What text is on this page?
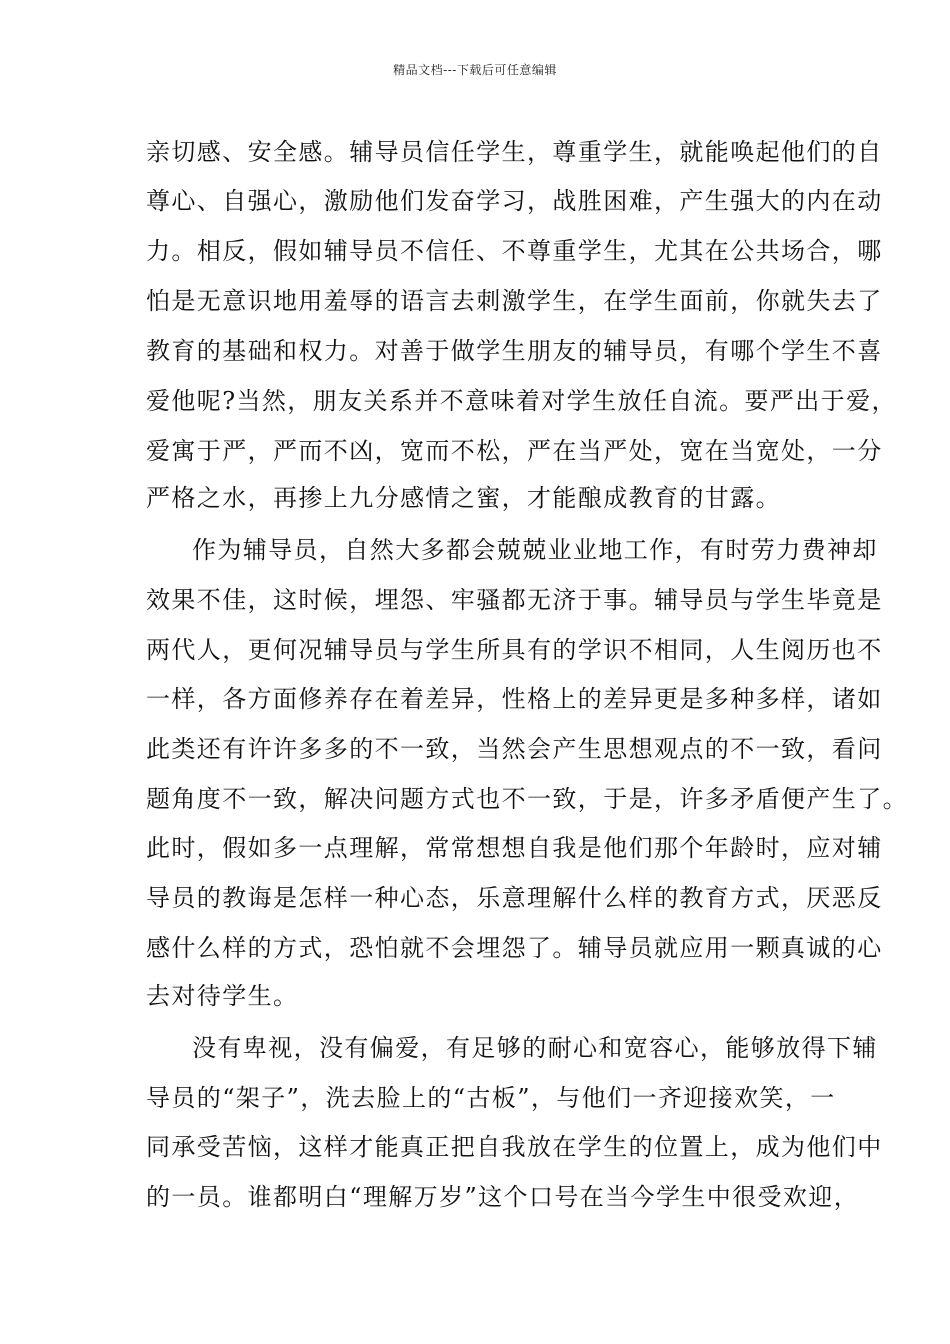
精品文档---下载后可任意编辑
亲切感、安全感。辅导员信任学生，尊重学生，就能唤起他们的自
尊心、自强心，激励他们发奋学习，战胜困难，产生强大的内在动
力。相反，假如辅导员不信任、不尊重学生，尤其在公共场合，哪
怕是无意识地用羞辱的语言去刺激学生，在学生面前，你就失去了
教育的基础和权力。对善于做学生朋友的辅导员，有哪个学生不喜
爱他呢?当然，朋友关系并不意味着对学生放任自流。要严出于爱，
爱寓于严，严而不凶，宽而不松，严在当严处，宽在当宽处，一分
严格之水，再掺上九分感情之蜜，才能酿成教育的甘露。
作为辅导员，自然大多都会兢兢业业地工作，有时劳力费神却
效果不佳，这时候，埋怨、牢骚都无济于事。辅导员与学生毕竟是
两代人，更何况辅导员与学生所具有的学识不相同，人生阅历也不
一样，各方面修养存在着差异，性格上的差异更是多种多样，诸如
此类还有许许多多的不一致，当然会产生思想观点的不一致，看问
题角度不一致，解决问题方式也不一致，于是，许多矛盾便产生了。
此时，假如多一点理解，常常想想自我是他们那个年龄时，应对辅
导员的教诲是怎样一种心态，乐意理解什么样的教育方式，厌恶反
感什么样的方式，恐怕就不会埋怨了。辅导员就应用一颗真诚的心
去对待学生。
没有卑视，没有偏爱，有足够的耐心和宽容心，能够放得下辅
导员的“架子”，洗去脸上的“古板”，与他们一齐迎接欢笑，一
同承受苦恼，这样才能真正把自我放在学生的位置上，成为他们中
的一员。谁都明白“理解万岁”这个口号在当今学生中很受欢迎，
